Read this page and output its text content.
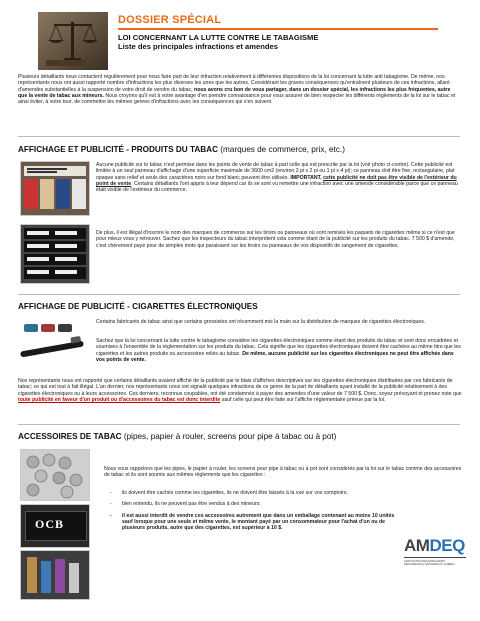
DOSSIER SPÉCIAL
LOI CONCERNANT LA LUTTE CONTRE LE TABAGISME
Liste des principales infractions et amendes
Plusieurs détaillants nous contactent régulièrement pour nous faire part de leur infraction relativement à différentes dispositions de la loi concernant la lutte anti tabagisme. De même, nos représentants nous ont aussi rapporté nombre d'infractions les plus diverses les unes que les autres. Considérant les graves conséquences qu'entraînent plusieurs de ces infractions, allant d'amendes substantielles à la suspension de votre droit de vendre du tabac, nous avons cru bon de vous partager, dans un dossier spécial, les infractions les plus fréquentes, autre que la vente de tabac aux mineurs. Nous croyons qu'il est à votre avantage d'en prendre connaissance pour vous assurer de bien respecter les différents règlements de la loi sur le tabac et ainsi éviter, à votre tour, de commettre les mêmes genres d'infractions avec les conséquences qui s'en suivent.
AFFICHAGE ET PUBLICITÉ - PRODUITS DU TABAC (marques de commerce, prix, etc.)
Aucune publicité sur le tabac n'est permise dans les points de vente de tabac à part celle qui est prescrite par la loi (voir photo ci-contre). Cette publicité est limitée à un seul panneau d'affichage d'une superficie maximale de 3600 cm2 (environ 2 pi x 2 pi ou 1 pi x 4 pi); ce panneau doit être fixe, rectangulaire, plat opaque sans relief et seuls des caractères noirs sur fond blanc peuvent être utilisés. IMPORTANT, cette publicité ne doit pas être visible de l'extérieur du point de vente. Certains détaillants l'ont appris à leur dépend car ils se sont vu remettre une infraction avec une amende considérable parce que ce panneau était visible de l'extérieur du commerce.
De plus, il est illégal d'inscrire le nom des marques de commerce sur les tiroirs ou panneaux où sont remisés les paquets de cigarettes même si ce n'est que pour mieux vous y retrouver. Sachez que les inspecteurs du tabac interprètent cela comme étant de la publicité sur les produits du tabac. 7 500 $ d'amende, c'est chèrement payé pour de simples mots qui paraissent sur les tiroirs ou panneaux de vos dispositifs de rangement de cigarettes.
AFFICHAGE DE PUBLICITÉ - CIGARETTES ÉLECTRONIQUES
Certains fabricants de tabac ainsi que certains grossistes ont récemment mis la main sur la distribution de marques de cigarettes électroniques.
Sachez que la loi concernant la lutte contre le tabagisme considère les cigarettes électroniques comme étant des produits du tabac et sont donc encadrées et soumises à l'ensemble de la réglementation sur les produits du tabac. Cela signifie que les cigarettes électroniques doivent être cachées au même titre que les cigarettes et les autres produits ou accessoires reliés au tabac. De même, aucune publicité sur les cigarettes électroniques ne peut être affichée dans vos points de vente.
Nos représentants nous ont rapporté que certains détaillants avaient affiché de la publicité par le biais d'affiches descriptives sur les cigarettes électroniques distribuées par ces fabricants de tabac; ce qui est tout à fait illégal. L'an dernier, nos représentants nous ont signalé quelques infractions de ce genre de la part de détaillants ayant installé de la publicité relativement à des cigarettes électroniques ou à leurs accessoires. Ces derniers, reconnus coupables, ont été condamnés à payer des amendes d'une valeur de 7 500 $. Donc, soyez prévoyant et prenez note que toute publicité en faveur d'un produit ou d'accessoires du tabac est donc interdite sauf celle qui peut être faite sur l'affiche réglementaire prévue par la loi.
ACCESSOIRES DE TABAC (pipes, papier à rouler, screens pour pipe à tabac ou à pot)
OCB
Nous vous rappelons que les pipes, le papier à rouler, les screens pour pipe à tabac ou à pot sont considérés par la loi sur le tabac comme des accessoires de tabac et ils sont soumis aux mêmes règlements que les cigarettes :
- ils doivent être cachés comme les cigarettes, ils ne doivent être laissés à la vue sur vos comptoirs;
- bien entendu, ils ne peuvent pas être vendus à des mineurs;
- il est aussi interdit de vendre ces accessoires autrement que dans un emballage contenant au moins 10 unités sauf lorsque pour une seule et même vente, le montant payé par un consommateur pour l'achat d'un ou de plusieurs produits, autre que des cigarettes, est supérieur à 10 $.
AMDEQ
ASSOCIATION DES MARCHANDS
DÉPANNEURS ET ÉPICIERS DU QUÉBEC
